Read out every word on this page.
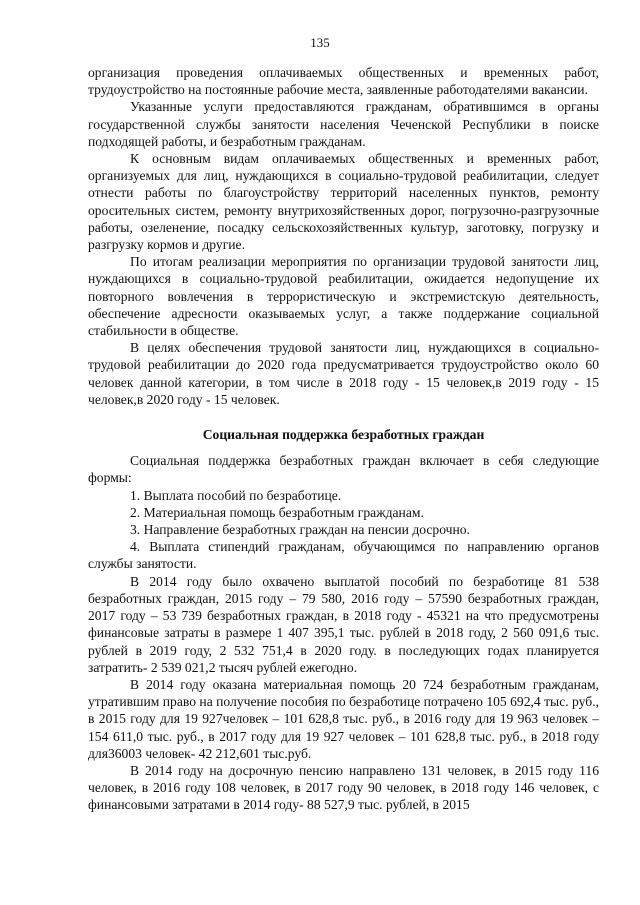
135

организация проведения оплачиваемых общественных и временных работ, трудоустройство на постоянные рабочие места, заявленные работодателями вакансии.

Указанные услуги предоставляются гражданам, обратившимся в органы государственной службы занятости населения Чеченской Республики в поиске подходящей работы, и безработным гражданам.

К основным видам оплачиваемых общественных и временных работ, организуемых для лиц, нуждающихся в социально-трудовой реабилитации, следует отнести работы по благоустройству территорий населенных пунктов, ремонту оросительных систем, ремонту внутрихозяйственных дорог, погрузочно-разгрузочные работы, озеленение, посадку сельскохозяйственных культур, заготовку, погрузку и разгрузку кормов и другие.

По итогам реализации мероприятия по организации трудовой занятости лиц, нуждающихся в социально-трудовой реабилитации, ожидается недопущение их повторного вовлечения в террористическую и экстремистскую деятельность, обеспечение адресности оказываемых услуг, а также поддержание социальной стабильности в обществе.

В целях обеспечения трудовой занятости лиц, нуждающихся в социально-трудовой реабилитации до 2020 года предусматривается трудоустройство около 60 человек данной категории, в том числе в 2018 году - 15 человек,в 2019 году - 15 человек,в 2020 году - 15 человек.

Социальная поддержка безработных граждан

Социальная поддержка безработных граждан включает в себя следующие формы:

1. Выплата пособий по безработице.

2. Материальная помощь безработным гражданам.

3. Направление безработных граждан на пенсии досрочно.

4. Выплата стипендий гражданам, обучающимся по направлению органов службы занятости.

В 2014 году было охвачено выплатой пособий по безработице 81 538 безработных граждан, 2015 году – 79 580, 2016 году – 57590 безработных граждан, 2017 году – 53 739 безработных граждан, в 2018 году - 45321 на что предусмотрены финансовые затраты в размере 1 407 395,1 тыс. рублей в 2018 году, 2 560 091,6 тыс. рублей в 2019 году, 2 532 751,4 в 2020 году. в последующих годах планируется затратить- 2 539 021,2 тысяч рублей ежегодно.

В 2014 году оказана материальная помощь 20 724 безработным гражданам, утратившим право на получение пособия по безработице потрачено 105 692,4 тыс. руб., в 2015 году для 19 927человек – 101 628,8 тыс. руб., в 2016 году для 19 963 человек – 154 611,0 тыс. руб., в 2017 году для 19 927 человек – 101 628,8 тыс. руб., в 2018 году для36003 человек- 42 212,601 тыс.руб.

В 2014 году на досрочную пенсию направлено 131 человек, в 2015 году 116 человек, в 2016 году 108 человек, в 2017 году 90 человек, в 2018 году 146 человек, с финансовыми затратами в 2014 году- 88 527,9 тыс. рублей, в 2015
